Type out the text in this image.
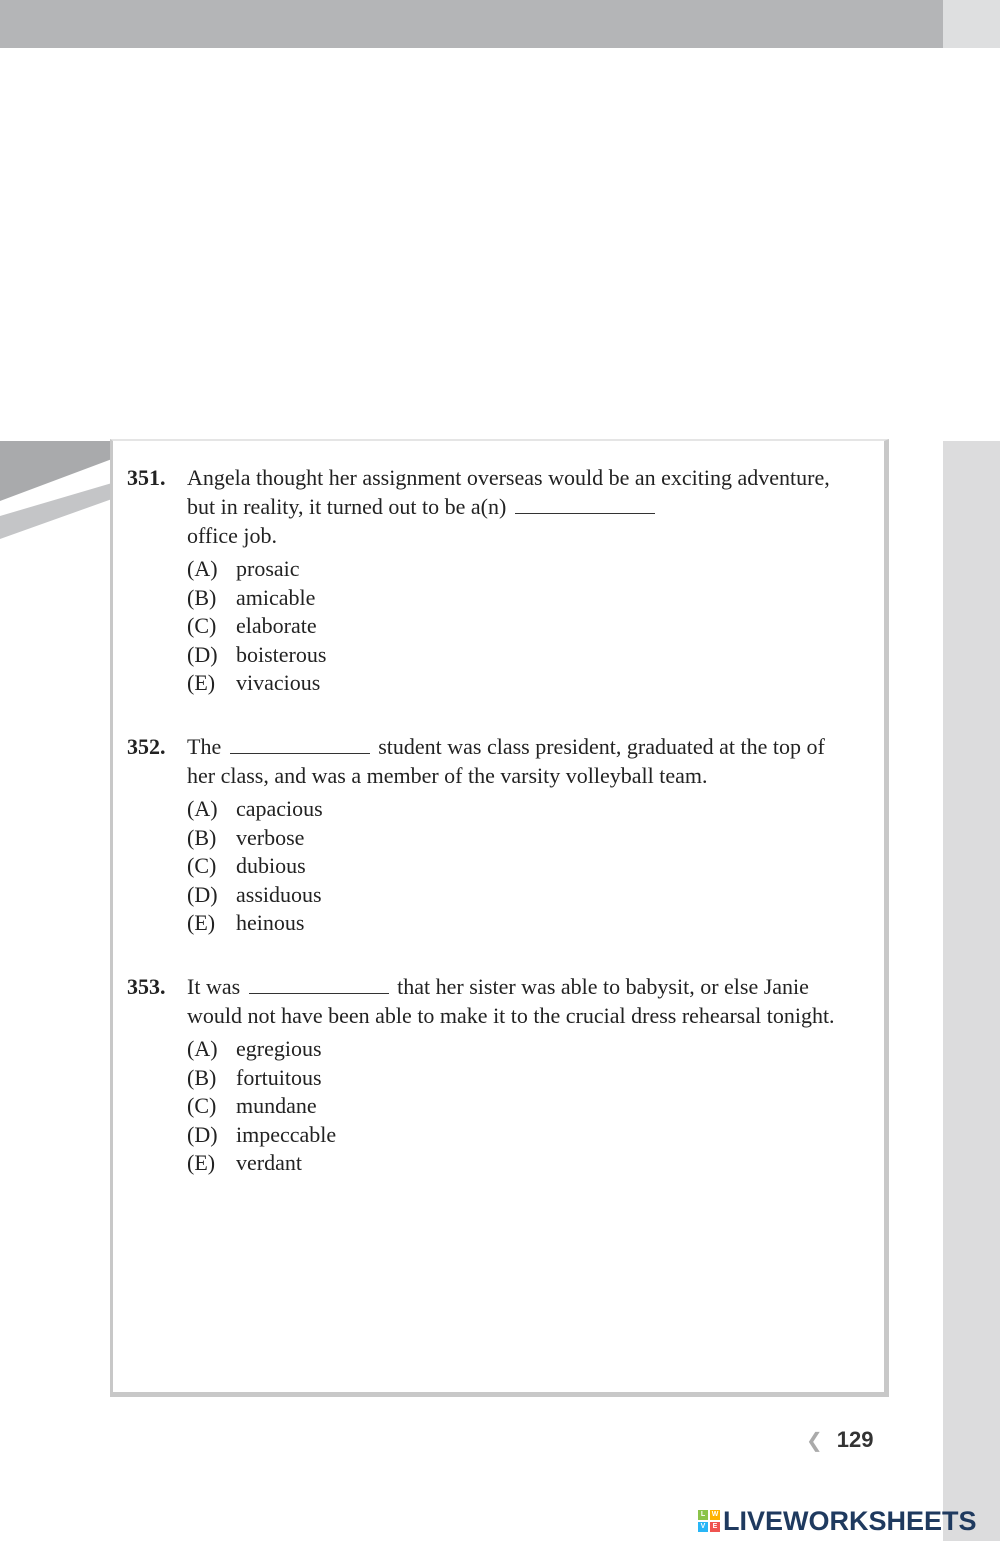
351. Angela thought her assignment overseas would be an exciting adventure, but in reality, it turned out to be a(n)
office job.
(A) prosaic
(B) amicable
(C) elaborate
(D) boisterous
(E) vivacious
352. The	student was class president, graduated at the top of her class, and was a member of the varsity volleyball team.
(A) capacious
(B) verbose
(C) dubious
(D) assiduous
(E) heinous
353. It was	that her sister was able to babysit, or else Janie would not have been able to make it to the crucial dress rehearsal tonight.
(A) egregious
(B) fortuitous
(C) mundane
(D) impeccable
(E) verdant
❮ 129
L W
V	E LIVEWORKSHEETS
